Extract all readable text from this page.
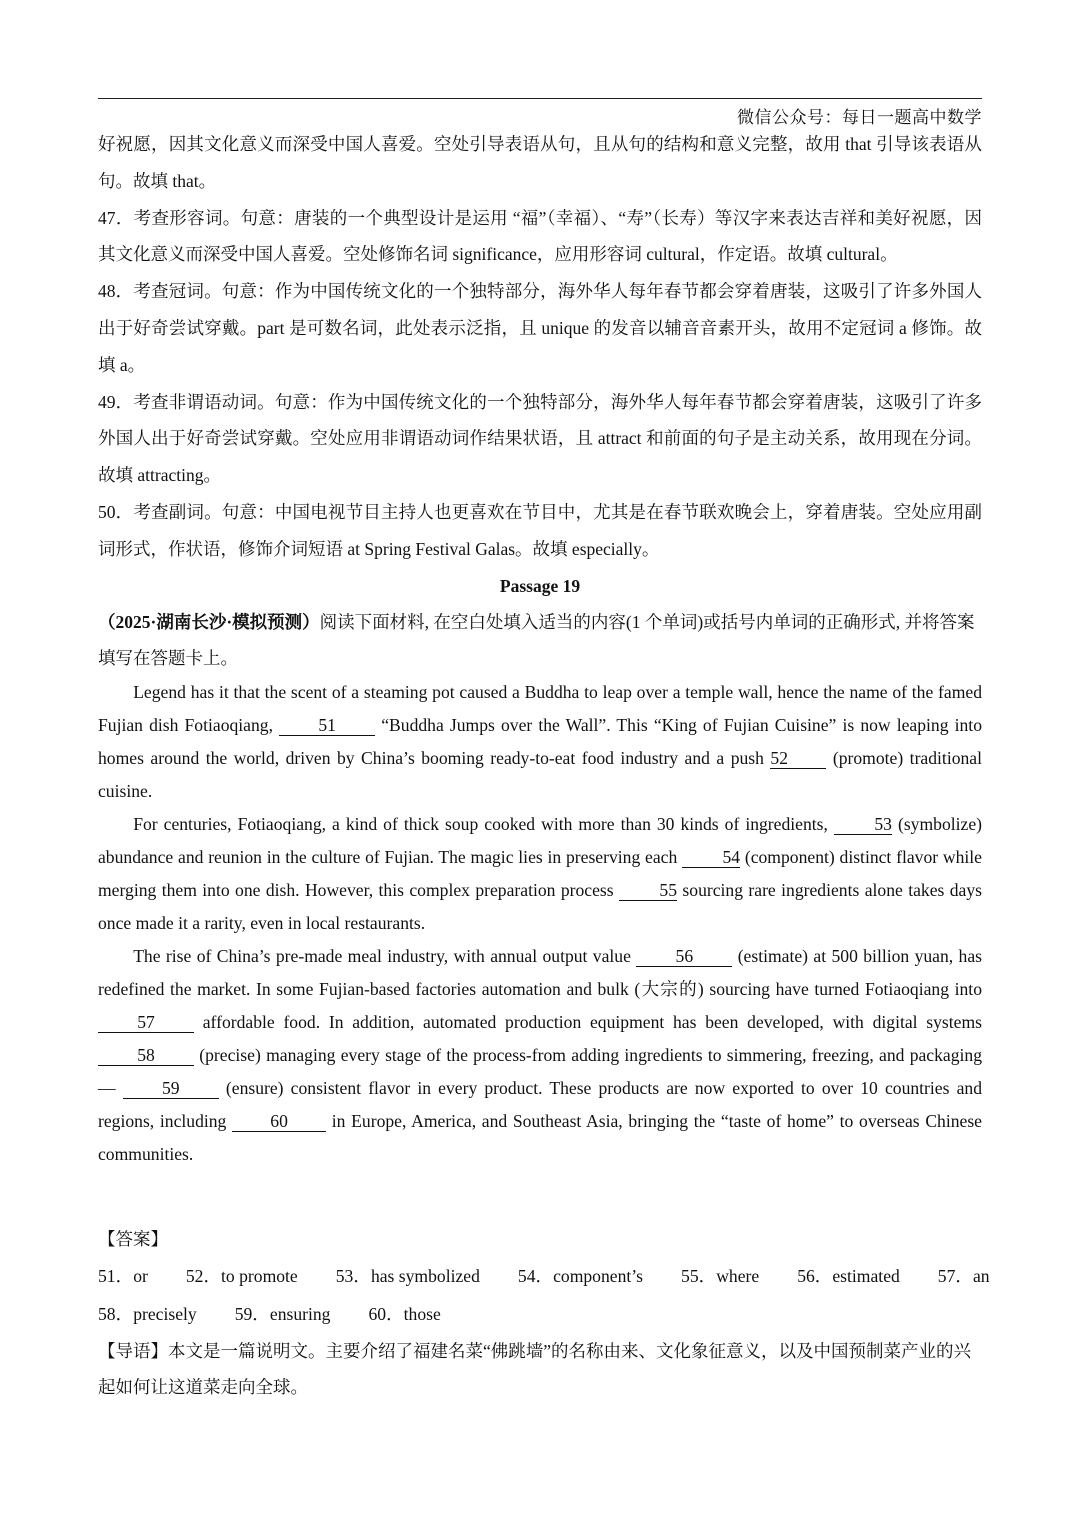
微信公众号：每日一题高中数学

好祝愿，因其文化意义而深受中国人喜爱。空处引导表语从句，且从句的结构和意义完整，故用 that 引导该表语从句。故填 that。

47．考查形容词。句意：唐装的一个典型设计是运用 “福”（幸福）、“寿”（长寿）等汉字来表达吉祥和美好祝愿，因其文化意义而深受中国人喜爱。空处修饰名词 significance，应用形容词 cultural，作定语。故填 cultural。

48．考查冠词。句意：作为中国传统文化的一个独特部分，海外华人每年春节都会穿着唐装，这吸引了许多外国人出于好奇尝试穿戴。part 是可数名词，此处表示泛指，且 unique 的发音以辅音音素开头，故用不定冠词 a 修饰。故填 a。

49．考查非谓语动词。句意：作为中国传统文化的一个独特部分，海外华人每年春节都会穿着唐装，这吸引了许多外国人出于好奇尝试穿戴。空处应用非谓语动词作结果状语，且 attract 和前面的句子是主动关系，故用现在分词。故填 attracting。

50．考查副词。句意：中国电视节目主持人也更喜欢在节目中，尤其是在春节联欢晚会上，穿着唐装。空处应用副词形式，作状语，修饰介词短语 at Spring Festival Galas。故填 especially。

Passage 19

（2025·湖南长沙·模拟预测）阅读下面材料, 在空白处填入适当的内容(1 个单词)或括号内单词的正确形式, 并将答案填写在答题卡上。

Legend has it that the scent of a steaming pot caused a Buddha to leap over a temple wall, hence the name of the famed Fujian dish Fotiaoqiang,	51	“Buddha Jumps over the Wall”. This “King of Fujian Cuisine” is now leaping into homes around the world, driven by China’s booming ready-to-eat food industry and a push 52	(promote) traditional cuisine.

For centuries, Fotiaoqiang, a kind of thick soup cooked with more than 30 kinds of ingredients,	53 (symbolize) abundance and reunion in the culture of Fujian. The magic lies in preserving each	54 (component) distinct flavor while merging them into one dish. However, this complex preparation process	55 sourcing rare ingredients alone takes days once made it a rarity, even in local restaurants.

The rise of China’s pre-made meal industry, with annual output value	56	(estimate) at 500 billion yuan, has redefined the market. In some Fujian-based factories automation and bulk (大宗的) sourcing have turned Fotiaoqiang into 57	affordable food. In addition, automated production equipment has been developed, with digital systems 58	(precise) managing every stage of the process-from adding ingredients to simmering, freezing, and packaging —	59	(ensure) consistent flavor in every product. These products are now exported to over 10 countries and regions, including 60 in Europe, America, and Southeast Asia, bringing the “taste of home” to overseas Chinese communities.

【答案】

51．or 52．to promote 53．has symbolized 54．component’s 55．where 56．estimated 57．an
58．precisely 59．ensuring 60．those

【导语】本文是一篇说明文。主要介绍了福建名菜“佛跳墙”的名称由来、文化象征意义，以及中国预制菜产业的兴起如何让这道菜走向全球。
